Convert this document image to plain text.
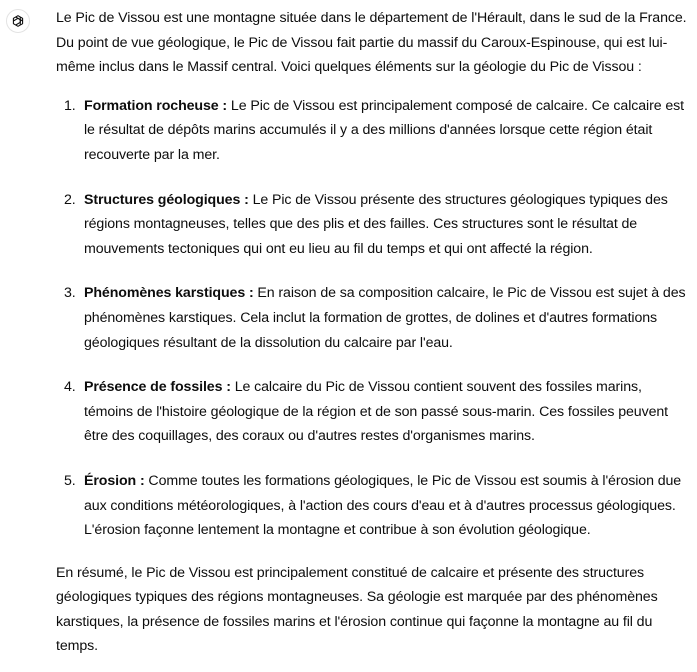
Le Pic de Vissou est une montagne située dans le département de l'Hérault, dans le sud de la France. Du point de vue géologique, le Pic de Vissou fait partie du massif du Caroux-Espinouse, qui est lui-même inclus dans le Massif central. Voici quelques éléments sur la géologie du Pic de Vissou :

1. Formation rocheuse : Le Pic de Vissou est principalement composé de calcaire. Ce calcaire est le résultat de dépôts marins accumulés il y a des millions d'années lorsque cette région était recouverte par la mer.
2. Structures géologiques : Le Pic de Vissou présente des structures géologiques typiques des régions montagneuses, telles que des plis et des failles. Ces structures sont le résultat de mouvements tectoniques qui ont eu lieu au fil du temps et qui ont affecté la région.
3. Phénomènes karstiques : En raison de sa composition calcaire, le Pic de Vissou est sujet à des phénomènes karstiques. Cela inclut la formation de grottes, de dolines et d'autres formations géologiques résultant de la dissolution du calcaire par l'eau.
4. Présence de fossiles : Le calcaire du Pic de Vissou contient souvent des fossiles marins, témoins de l'histoire géologique de la région et de son passé sous-marin. Ces fossiles peuvent être des coquillages, des coraux ou d'autres restes d'organismes marins.
5. Érosion : Comme toutes les formations géologiques, le Pic de Vissou est soumis à l'érosion due aux conditions météorologiques, à l'action des cours d'eau et à d'autres processus géologiques. L'érosion façonne lentement la montagne et contribue à son évolution géologique.

En résumé, le Pic de Vissou est principalement constitué de calcaire et présente des structures géologiques typiques des régions montagneuses. Sa géologie est marquée par des phénomènes karstiques, la présence de fossiles marins et l'érosion continue qui façonne la montagne au fil du temps.
